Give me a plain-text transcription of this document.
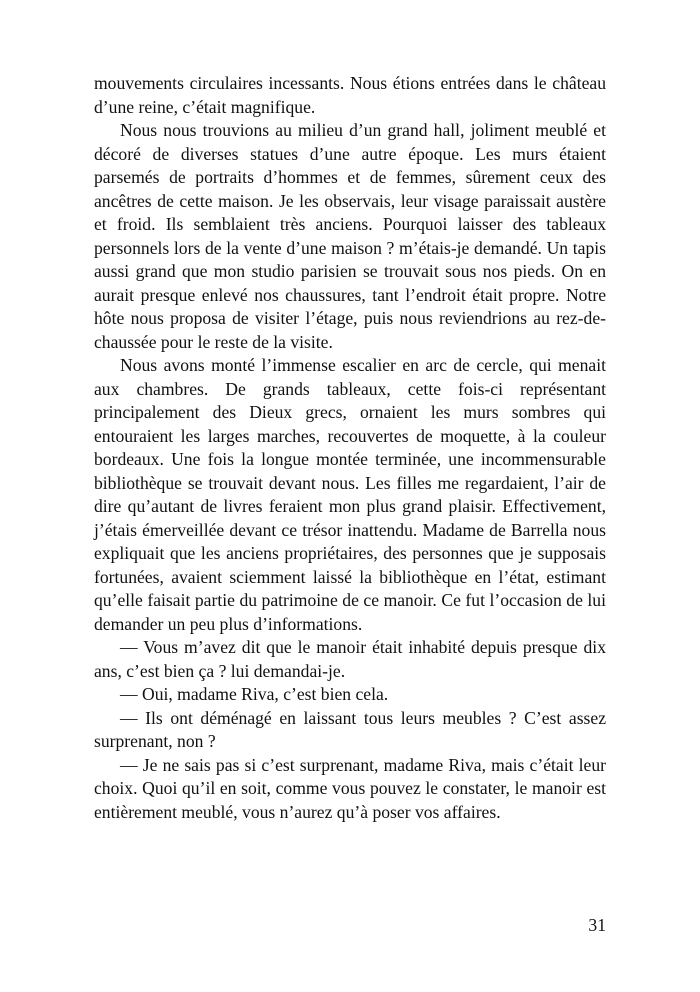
mouvements circulaires incessants. Nous étions entrées dans le château d’une reine, c’était magnifique.

Nous nous trouvions au milieu d’un grand hall, joliment meublé et décoré de diverses statues d’une autre époque. Les murs étaient parsemés de portraits d’hommes et de femmes, sûrement ceux des ancêtres de cette maison. Je les observais, leur visage paraissait austère et froid. Ils semblaient très anciens. Pourquoi laisser des tableaux personnels lors de la vente d’une maison ? m’étais-je demandé. Un tapis aussi grand que mon studio parisien se trouvait sous nos pieds. On en aurait presque enlevé nos chaussures, tant l’endroit était propre. Notre hôte nous proposa de visiter l’étage, puis nous reviendrions au rez-de-chaussée pour le reste de la visite.

Nous avons monté l’immense escalier en arc de cercle, qui menait aux chambres. De grands tableaux, cette fois-ci représentant principalement des Dieux grecs, ornaient les murs sombres qui entouraient les larges marches, recouvertes de moquette, à la couleur bordeaux. Une fois la longue montée terminée, une incommensurable bibliothèque se trouvait devant nous. Les filles me regardaient, l’air de dire qu’autant de livres feraient mon plus grand plaisir. Effectivement, j’étais émerveillée devant ce trésor inattendu. Madame de Barrella nous expliquait que les anciens propriétaires, des personnes que je supposais fortunées, avaient sciemment laissé la bibliothèque en l’état, estimant qu’elle faisait partie du patrimoine de ce manoir. Ce fut l’occasion de lui demander un peu plus d’informations.

— Vous m’avez dit que le manoir était inhabité depuis presque dix ans, c’est bien ça ? lui demandai-je.

— Oui, madame Riva, c’est bien cela.

— Ils ont déménagé en laissant tous leurs meubles ? C’est assez surprenant, non ?

— Je ne sais pas si c’est surprenant, madame Riva, mais c’était leur choix. Quoi qu’il en soit, comme vous pouvez le constater, le manoir est entièrement meublé, vous n’aurez qu’à poser vos affaires.

31
